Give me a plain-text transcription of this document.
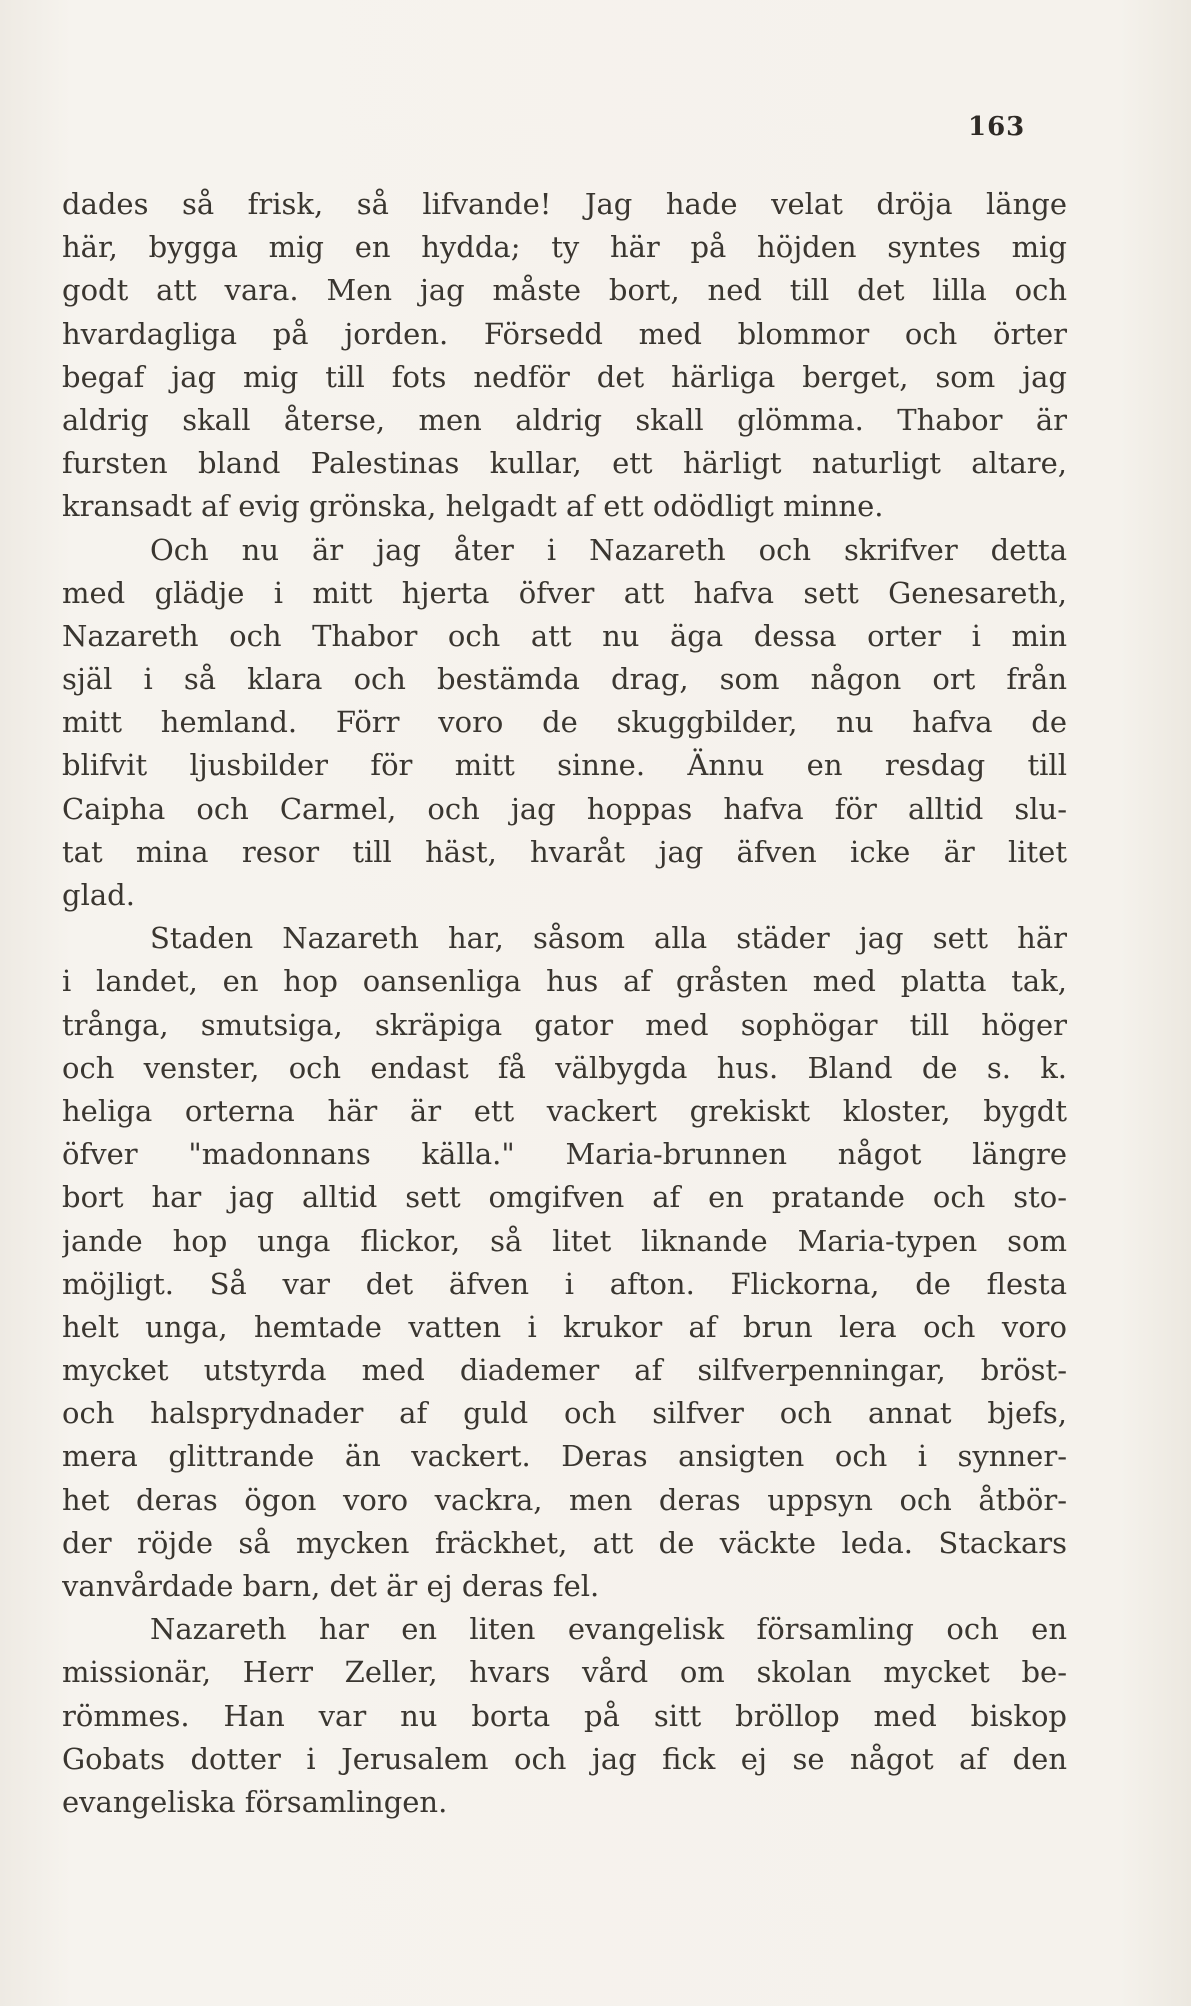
163
dades så frisk, så lifvande! Jag hade velat dröja länge
här, bygga mig en hydda; ty här på höjden syntes mig
godt att vara. Men jag måste bort, ned till det lilla och
hvardagliga på jorden. Försedd med blommor och örter
begaf jag mig till fots nedför det härliga berget, som jag
aldrig skall återse, men aldrig skall glömma. Thabor är
fursten bland Palestinas kullar, ett härligt naturligt altare,
kransadt af evig grönska, helgadt af ett odödligt minne.
Och nu är jag åter i Nazareth och skrifver detta
med glädje i mitt hjerta öfver att hafva sett Genesareth,
Nazareth och Thabor och att nu äga dessa orter i min
själ i så klara och bestämda drag, som någon ort från
mitt hemland. Förr voro de skuggbilder, nu hafva de
blifvit ljusbilder för mitt sinne. Ännu en resdag till
Caipha och Carmel, och jag hoppas hafva för alltid slu-
tat mina resor till häst, hvaråt jag äfven icke är litet
glad.
Staden Nazareth har, såsom alla städer jag sett här
i landet, en hop oansenliga hus af gråsten med platta tak,
trånga, smutsiga, skräpiga gator med sophögar till höger
och venster, och endast få välbygda hus. Bland de s. k.
heliga orterna här är ett vackert grekiskt kloster, bygdt
öfver "madonnans källa." Maria-brunnen något längre
bort har jag alltid sett omgifven af en pratande och sto-
jande hop unga flickor, så litet liknande Maria-typen som
möjligt. Så var det äfven i afton. Flickorna, de flesta
helt unga, hemtade vatten i krukor af brun lera och voro
mycket utstyrda med diademer af silfverpenningar, bröst-
och halsprydnader af guld och silfver och annat bjefs,
mera glittrande än vackert. Deras ansigten och i synner-
het deras ögon voro vackra, men deras uppsyn och åtbör-
der röjde så mycken fräckhet, att de väckte leda. Stackars
vanvårdade barn, det är ej deras fel.
Nazareth har en liten evangelisk församling och en
missionär, Herr Zeller, hvars vård om skolan mycket be-
römmes. Han var nu borta på sitt bröllop med biskop
Gobats dotter i Jerusalem och jag fick ej se något af den
evangeliska församlingen.
